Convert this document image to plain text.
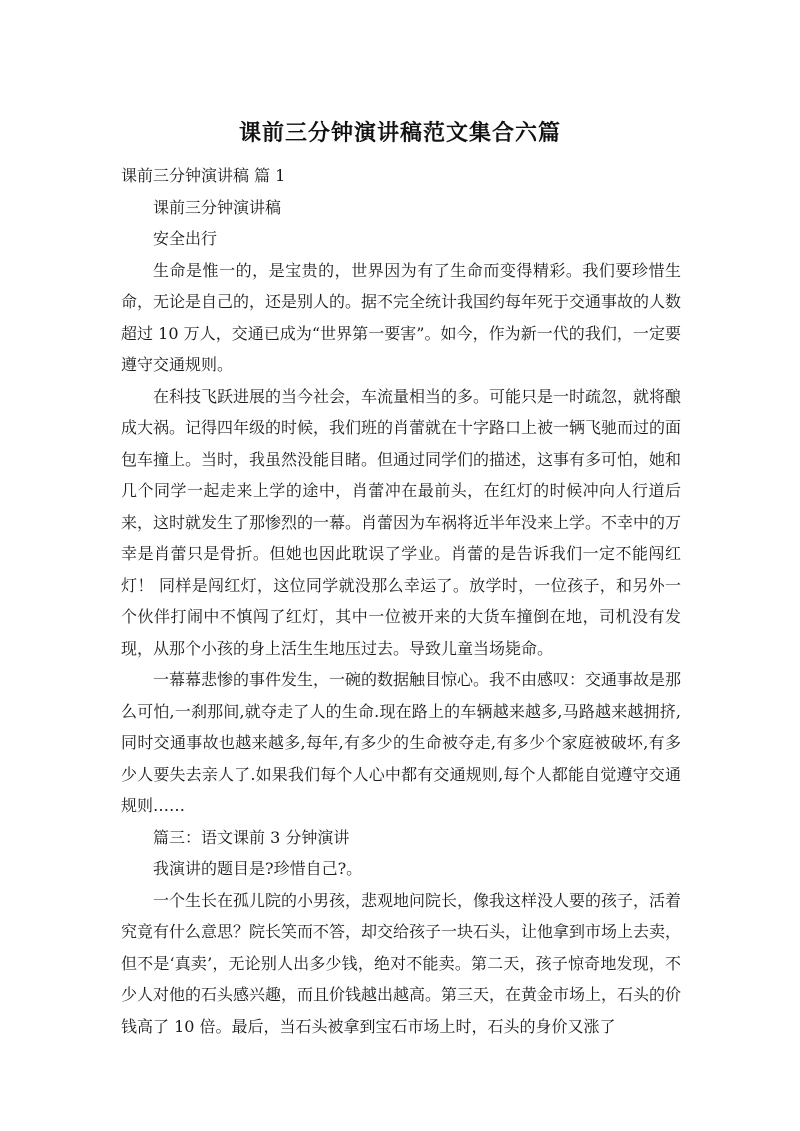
课前三分钟演讲稿范文集合六篇

课前三分钟演讲稿 篇 1

课前三分钟演讲稿

安全出行

生命是惟一的，是宝贵的，世界因为有了生命而变得精彩。我们要珍惜生命，无论是自己的，还是别人的。据不完全统计我国约每年死于交通事故的人数超过 10 万人，交通已成为“世界第一要害”。如今，作为新一代的我们，一定要遵守交通规则。

在科技飞跃进展的当今社会，车流量相当的多。可能只是一时疏忽，就将酿成大祸。记得四年级的时候，我们班的肖蕾就在十字路口上被一辆飞驰而过的面包车撞上。当时，我虽然没能目睹。但通过同学们的描述，这事有多可怕，她和几个同学一起走来上学的途中，肖蕾冲在最前头，在红灯的时候冲向人行道后来，这时就发生了那惨烈的一幕。肖蕾因为车祸将近半年没来上学。不幸中的万幸是肖蕾只是骨折。但她也因此耽误了学业。肖蕾的是告诉我们一定不能闯红灯！ 同样是闯红灯，这位同学就没那么幸运了。放学时，一位孩子，和另外一个伙伴打闹中不慎闯了红灯，其中一位被开来的大货车撞倒在地，司机没有发现，从那个小孩的身上活生生地压过去。导致儿童当场毙命。

一幕幕悲惨的事件发生，一碗的数据触目惊心。我不由感叹：交通事故是那么可怕,一刹那间,就夺走了人的生命.现在路上的车辆越来越多,马路越来越拥挤,同时交通事故也越来越多,每年,有多少的生命被夺走,有多少个家庭被破坏,有多少人要失去亲人了.如果我们每个人心中都有交通规则,每个人都能自觉遵守交通规则……

篇三：语文课前 3 分钟演讲

我演讲的题目是?珍惜自己?。

一个生长在孤儿院的小男孩，悲观地问院长，像我这样没人要的孩子，活着究竟有什么意思？院长笑而不答，却交给孩子一块石头，让他拿到市场上去卖，但不是‘真卖’，无论别人出多少钱，绝对不能卖。第二天，孩子惊奇地发现，不少人对他的石头感兴趣，而且价钱越出越高。第三天，在黄金市场上，石头的价钱高了 10 倍。最后，当石头被拿到宝石市场上时，石头的身价又涨了
